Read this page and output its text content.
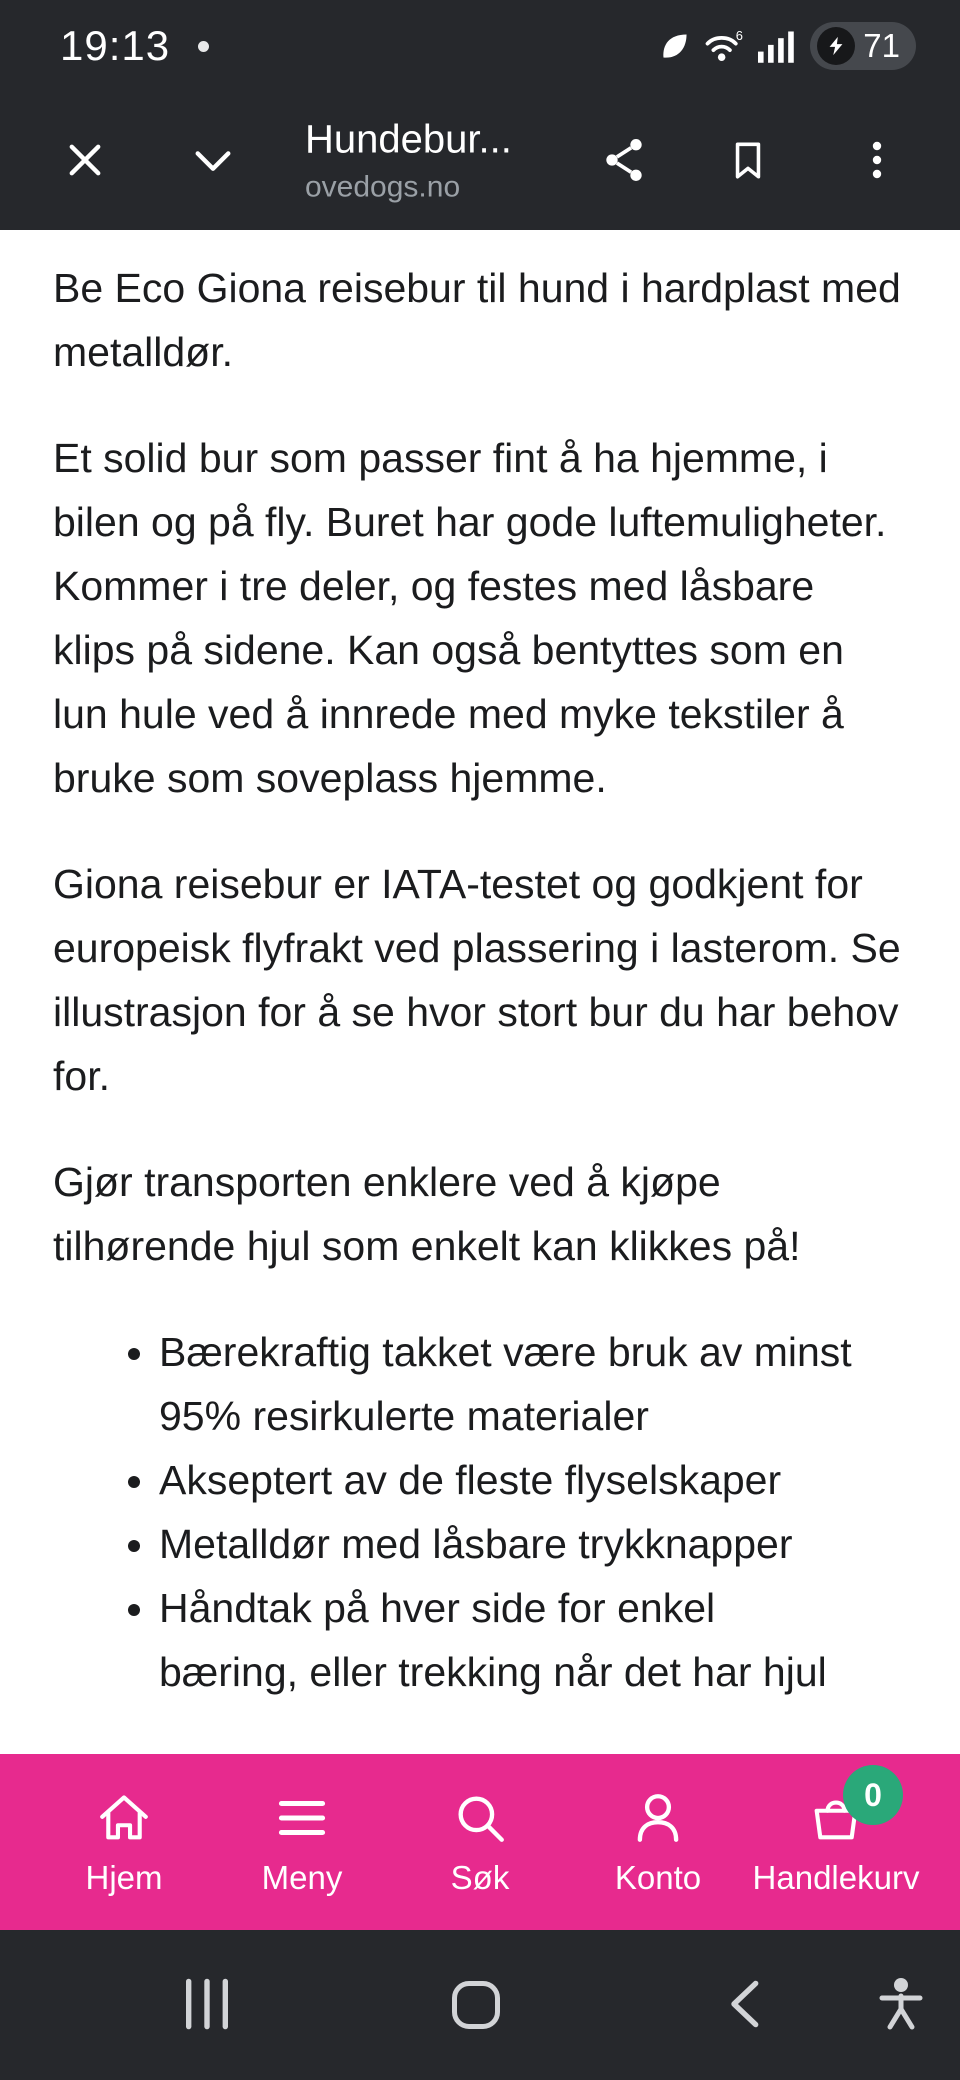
19:13	6	71
Hundebur...
ovedogs.no

Be Eco Giona reisebur til hund i hardplast med metalldør.

Et solid bur som passer fint å ha hjemme, i bilen og på fly. Buret har gode luftemuligheter. Kommer i tre deler, og festes med låsbare klips på sidene. Kan også bentyttes som en lun hule ved å innrede med myke tekstiler å bruke som soveplass hjemme.

Giona reisebur er IATA-testet og godkjent for europeisk flyfrakt ved plassering i lasterom. Se illustrasjon for å se hvor stort bur du har behov for.

Gjør transporten enklere ved å kjøpe tilhørende hjul som enkelt kan klikkes på!

• Bærekraftig takket være bruk av minst 95% resirkulerte materialer
• Akseptert av de fleste flyselskaper
• Metalldør med låsbare trykknapper
• Håndtak på hver side for enkel bæring, eller trekking når det har hjul
Hjem	Meny	Søk	Konto
0
Handlekurv
